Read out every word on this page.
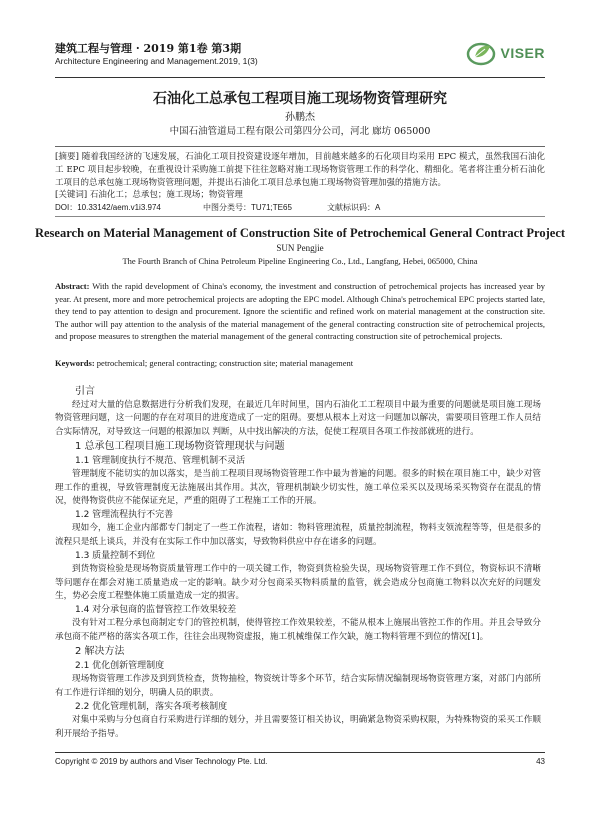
建筑工程与管理 · 2019 第1卷 第3期
Architecture Engineering and Management.2019, 1(3)	VISER
石油化工总承包工程项目施工现场物资管理研究
孙鹏杰
中国石油管道局工程有限公司第四分公司，河北 廊坊 065000
[摘要] 随着我国经济的飞速发展，石油化工项目投资建设逐年增加，目前越来越多的石化项目均采用 EPC 模式，虽然我国石油化工 EPC 项目起步较晚，在重视设计采购施工前提下往往忽略对施工现场物资管理工作的科学化、精细化。笔者将注重分析石油化工项目的总承包施工现场物资管理问题，并提出石油化工项目总承包施工现场物资管理加强的措施方法。
[关键词] 石油化工；总承包；施工现场；物资管理
DOI：10.33142/aem.v1i3.974	中图分类号：TU71;TE65	文献标识码：A
Research on Material Management of Construction Site of Petrochemical General Contract Project
SUN Pengjie
The Fourth Branch of China Petroleum Pipeline Engineering Co., Ltd., Langfang, Hebei, 065000, China
Abstract: With the rapid development of China's economy, the investment and construction of petrochemical projects has increased year by year. At present, more and more petrochemical projects are adopting the EPC model. Although China's petrochemical EPC projects started late, they tend to pay attention to design and procurement. Ignore the scientific and refined work on material management at the construction site. The author will pay attention to the analysis of the material management of the general contracting construction site of petrochemical projects, and propose measures to strengthen the material management of the general contracting construction site of petrochemical projects.
Keywords: petrochemical; general contracting; construction site; material management
引言
经过对大量的信息数据进行分析我们发现，在最近几年时间里，国内石油化工工程项目中最为重要的问题就是项目施工现场物资管理问题，这一问题的存在对项目的进度造成了一定的阻碍。要想从根本上对这一问题加以解决，需要项目管理工作人员结合实际情况，对导致这一问题的根源加以 判断，从中找出解决的方法，促使工程项目各项工作按部就班的进行。
1 总承包工程项目施工现场物资管理现状与问题
1.1 管理制度执行不规范、管理机制不灵活
管理制度不能切实的加以落实，是当前工程项目现场物资管理工作中最为普遍的问题。很多的时候在项目施工中，缺少对管理工作的重视，导致管理制度无法施展出其作用。其次，管理机制缺少切实性，施工单位采买以及现场采买物资存在混乱的情况，使得物资供应不能保证充足，严重的阻碍了工程施工工作的开展。
1.2 管理流程执行不完善
现如今，施工企业内部都专门制定了一些工作流程，诸如：物料管理流程，质量控制流程，物料支领流程等等，但是很多的流程只是纸上谈兵，并没有在实际工作中加以落实，导致物料供应中存在诸多的问题。
1.3 质量控制不到位
到货物资检验是现场物资质量管理工作中的一项关键工作，物资到货检验失误，现场物资管理工作不到位，物资标识不清晰等问题存在都会对施工质量造成一定的影响。缺少对分包商采买物料质量的监管，就会造成分包商施工物料以次充好的问题发生，势必会度工程整体施工质量造成一定的损害。
1.4 对分承包商的监督管控工作效果较差
没有针对工程分承包商制定专门的管控机制，使得管控工作效果较差，不能从根本上施展出管控工作的作用。并且会导致分承包商不能严格的落实各项工作，往往会出现物资虚报，施工机械维保工作欠缺，施工物料管理不到位的情况[1]。
2 解决方法
2.1 优化创新管理制度
现场物资管理工作涉及到到货检查，货物抽检，物资统计等多个环节，结合实际情况编制现场物资管理方案，对部门内部所有工作进行详细的划分，明确人员的职责。
2.2 优化管理机制，落实各项考核制度
对集中采购与分包商自行采购进行详细的划分，并且需要签订相关协议，明确紧急物资采购权限，为特殊物资的采买工作顺利开展给予指导。
Copyright © 2019 by authors and Viser Technology Pte. Ltd.	43
